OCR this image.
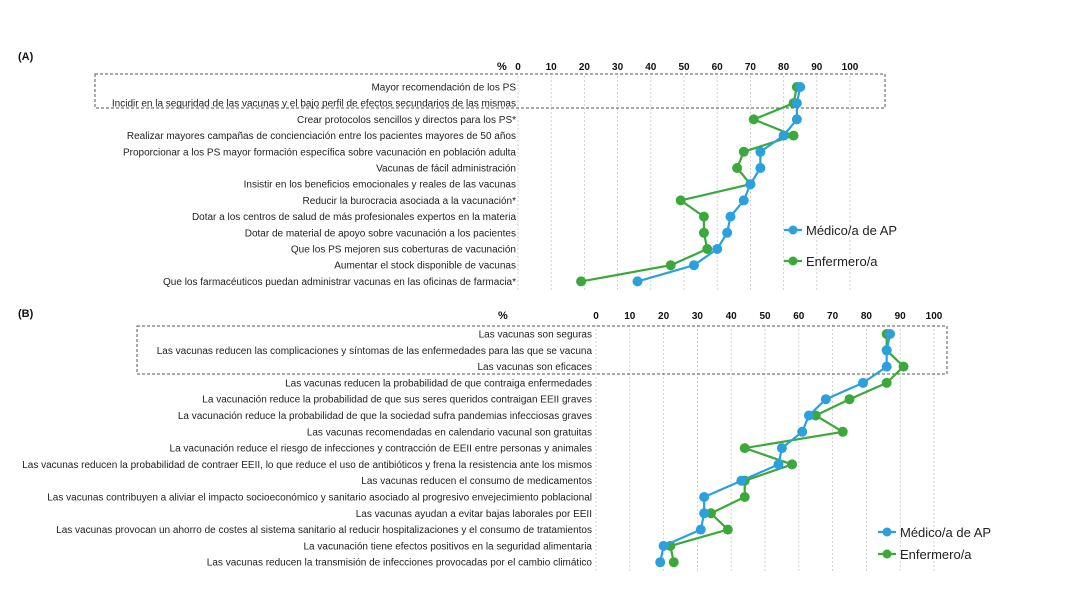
(A)
% 0 10 20 30 40 50 60 70 80 90 100
Mayor recomendación de los PS
Incidir en la seguridad de las vacunas y el bajo perfil de efectos secundarios de las mismas
Crear protocolos sencillos y directos para los PS*
Realizar mayores campañas de concienciación entre los pacientes mayores de 50 años
Proporcionar a los PS mayor formación específica sobre vacunación en población adulta
Vacunas de fácil administración
Insistir en los beneficios emocionales y reales de las vacunas
Reducir la burocracia asociada a la vacunación*
Dotar a los centros de salud de más profesionales expertos en la materia
Dotar de material de apoyo sobre vacunación a los pacientes
Que los PS mejoren sus coberturas de vacunación
Aumentar el stock disponible de vacunas
Que los farmacéuticos puedan administrar vacunas en las oficinas de farmacia*
Médico/a de AP
Enfermero/a
(B)	%	0	10 20 30 40 50 60 70 80 90 100
Las vacunas son seguras
Las vacunas reducen las complicaciones y síntomas de las enfermedades para las que se vacuna
Las vacunas son eficaces
Las vacunas reducen la probabilidad de que contraiga enfermedades
La vacunación reduce la probabilidad de que sus seres queridos contraigan EEII graves
La vacunación reduce la probabilidad de que la sociedad sufra pandemias infecciosas graves
Las vacunas recomendadas en calendario vacunal son gratuitas
La vacunación reduce el riesgo de infecciones y contracción de EEII entre personas y animales
Las vacunas reducen la probabilidad de contraer EEII, lo que reduce el uso de antibióticos y frena la resistencia ante los mismos
Las vacunas reducen el consumo de medicamentos
Las vacunas contribuyen a aliviar el impacto socioeconómico y sanitario asociado al progresivo envejecimiento poblacional
Las vacunas ayudan a evitar bajas laborales por EEII
Las vacunas provocan un ahorro de costes al sistema sanitario al reducir hospitalizaciones y el consumo de tratamientos
La vacunación tiene efectos positivos en la seguridad alimentaria
Las vacunas reducen la transmisión de infecciones provocadas por el cambio climático
Médico/a de AP
Enfermero/a
